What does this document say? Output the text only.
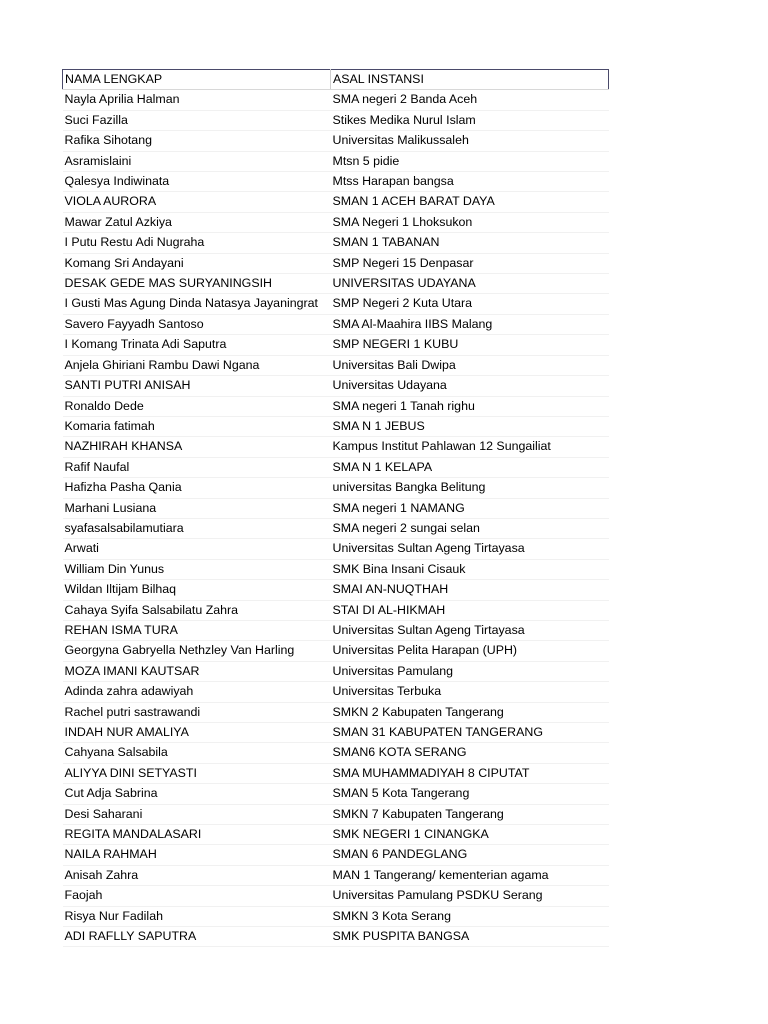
NAMA LENGKAP	ASAL INSTANSI
Nayla Aprilia Halman	SMA negeri 2 Banda Aceh
Suci Fazilla	Stikes Medika Nurul Islam
Rafika Sihotang	Universitas Malikussaleh
Asramislaini	Mtsn 5 pidie
Qalesya Indiwinata	Mtss Harapan bangsa
VIOLA AURORA	SMAN 1 ACEH BARAT DAYA
Mawar Zatul Azkiya	SMA Negeri 1 Lhoksukon
I Putu Restu Adi Nugraha	SMAN 1 TABANAN
Komang Sri Andayani	SMP Negeri 15 Denpasar
DESAK GEDE MAS SURYANINGSIH	UNIVERSITAS UDAYANA
I Gusti Mas Agung Dinda Natasya Jayaningrat	SMP Negeri 2 Kuta Utara
Savero Fayyadh Santoso	SMA Al-Maahira IIBS Malang
I Komang Trinata Adi Saputra	SMP NEGERI 1 KUBU
Anjela Ghiriani Rambu Dawi Ngana	Universitas Bali Dwipa
SANTI PUTRI ANISAH	Universitas Udayana
Ronaldo Dede	SMA negeri 1 Tanah righu
Komaria fatimah	SMA N 1 JEBUS
NAZHIRAH KHANSA	Kampus Institut Pahlawan 12 Sungailiat
Rafif Naufal	SMA N 1 KELAPA
Hafizha Pasha Qania	universitas Bangka Belitung
Marhani Lusiana	SMA negeri 1 NAMANG
syafasalsabilamutiara	SMA negeri 2 sungai selan
Arwati	Universitas Sultan Ageng Tirtayasa
William Din Yunus	SMK Bina Insani Cisauk
Wildan Iltijam Bilhaq	SMAI AN-NUQTHAH
Cahaya Syifa Salsabilatu Zahra	STAI DI AL-HIKMAH
REHAN ISMA TURA	Universitas Sultan Ageng Tirtayasa
Georgyna Gabryella Nethzley Van Harling	Universitas Pelita Harapan (UPH)
MOZA IMANI KAUTSAR	Universitas Pamulang
Adinda zahra adawiyah	Universitas Terbuka
Rachel putri sastrawandi	SMKN 2 Kabupaten Tangerang
INDAH NUR AMALIYA	SMAN 31 KABUPATEN TANGERANG
Cahyana Salsabila	SMAN6 KOTA SERANG
ALIYYA DINI SETYASTI	SMA MUHAMMADIYAH 8 CIPUTAT
Cut Adja Sabrina	SMAN 5 Kota Tangerang
Desi Saharani	SMKN 7 Kabupaten Tangerang
REGITA MANDALASARI	SMK NEGERI 1 CINANGKA
NAILA RAHMAH	SMAN 6 PANDEGLANG
Anisah Zahra	MAN 1 Tangerang/ kementerian agama
Faojah	Universitas Pamulang PSDKU Serang
Risya Nur Fadilah	SMKN 3 Kota Serang
ADI RAFLLY SAPUTRA	SMK PUSPITA BANGSA
